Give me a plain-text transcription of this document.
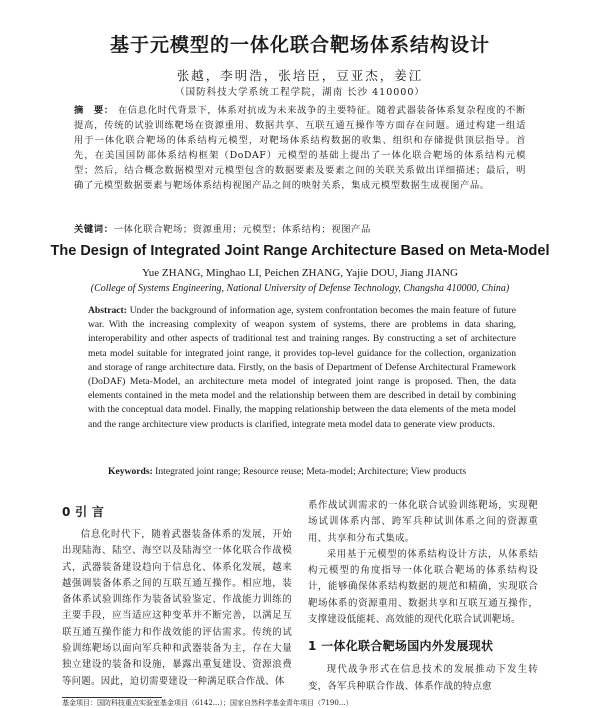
基于元模型的一体化联合靶场体系结构设计
张越，李明浩，张培臣，豆亚杰，姜江
（国防科技大学系统工程学院，湖南 长沙 410000）
摘　要： 在信息化时代背景下，体系对抗成为未来战争的主要特征。随着武器装备体系复杂程度的不断提高，传统的试验训练靶场在资源重用、数据共享、互联互通互操作等方面存在问题。通过构建一组适用于一体化联合靶场的体系结构元模型，对靶场体系结构数据的收集、组织和存储提供顶层指导。首先，在美国国防部体系结构框架（DoDAF）元模型的基础上提出了一体化联合靶场的体系结构元模型；然后，结合概念数据模型对元模型包含的数据要素及要素之间的关联关系做出详细描述；最后，明确了元模型数据要素与靶场体系结构视图产品之间的映射关系，集成元模型数据生成视图产品。
关键词：一体化联合靶场；资源重用；元模型；体系结构；视图产品
The Design of Integrated Joint Range Architecture Based on Meta-Model
Yue ZHANG, Minghao LI, Peichen ZHANG, Yajie DOU, Jiang JIANG
(College of Systems Engineering, National University of Defense Technology, Changsha 410000, China)
Abstract: Under the background of information age, system confrontation becomes the main feature of future war. With the increasing complexity of weapon system of systems, there are problems in data sharing, interoperability and other aspects of traditional test and training ranges. By constructing a set of architecture meta model suitable for integrated joint range, it provides top-level guidance for the collection, organization and storage of range architecture data. Firstly, on the basis of Department of Defense Architectural Framework (DoDAF) Meta-Model, an architecture meta model of integrated joint range is proposed. Then, the data elements contained in the meta model and the relationship between them are described in detail by combining with the conceptual data model. Finally, the mapping relationship between the data elements of the meta model and the range architecture view products is clarified, integrate meta model data to generate view products.
Keywords: Integrated joint range; Resource reuse; Meta-model; Architecture; View products
0 引 言

信息化时代下，随着武器装备体系的发展，开始出现陆海、陆空、海空以及陆海空一体化联合作战模式，武器装备建设趋向于信息化、体系化发展，越来越强调装备体系之间的互联互通互操作。相应地，装备体系试验训练作为装备试验鉴定、作战能力训练的主要手段，应当适应这种变革并不断完善，以满足互联互通互操作能力和作战效能的评估需求。传统的试验训练靶场以面向军兵种和武器装备为主，存在大量独立建设的装备和设施，暴露出重复建设、资源浪费等问题。因此，迫切需要建设一种满足联合作战、体

系作战试训需求的一体化联合试验训练靶场，实现靶场试训体系内部、跨军兵种试训体系之间的资源重用、共享和分布式集成。

采用基于元模型的体系结构设计方法，从体系结构元模型的角度指导一体化联合靶场的体系结构设计，能够确保体系结构数据的规范和精确，实现联合靶场体系的资源重用、数据共享和互联互通互操作，支撑建设低能耗、高效能的现代化联合试训靶场。

1 一体化联合靶场国内外发展现状

现代战争形式在信息技术的发展推动下发生转变，各军兵种联合作战、体系作战的特点愈

基金项目：国防科技重点实验室基金项目（6142...）；国家自然科学基金青年项目（7190...）
